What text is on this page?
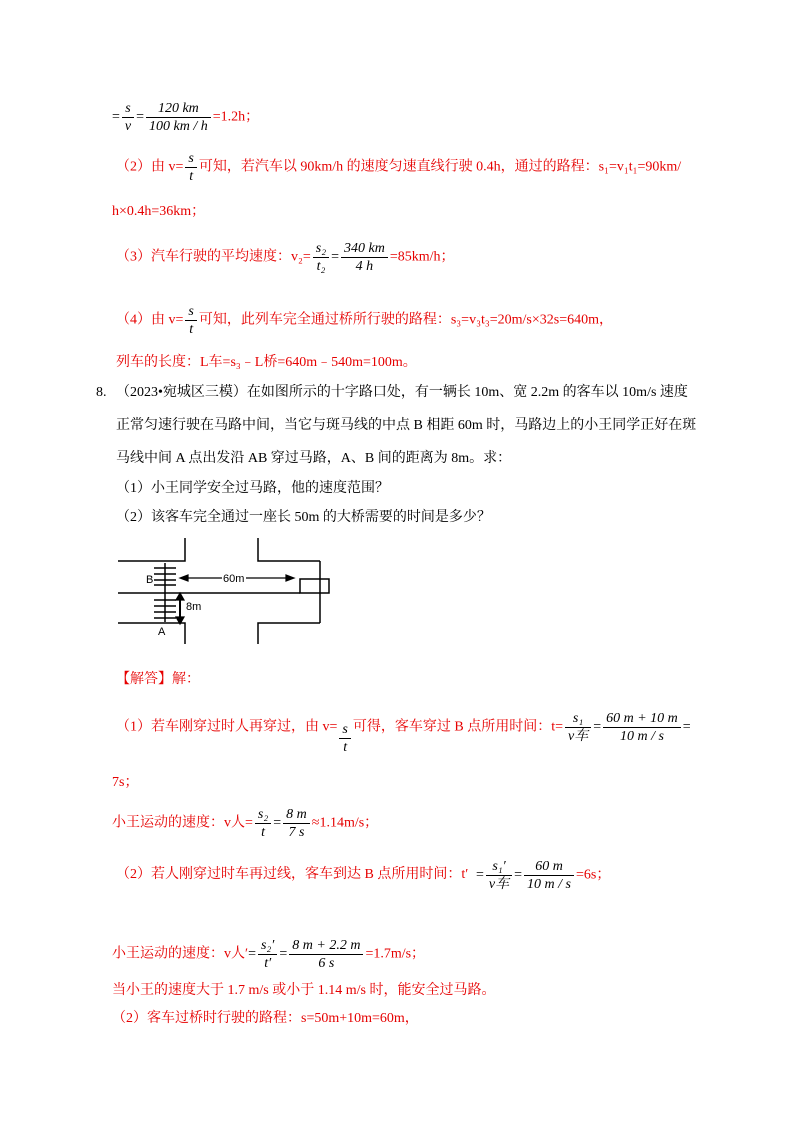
= $\frac{s}{v} = \frac{120 km}{100 km / h} =1.2h$；
（2）由 $v= \frac{s}{t}$ 可知，若汽车以 90km/h 的速度匀速直线行驶 0.4h，通过的路程：s₁=v₁t₁=90km/
h×0.4h=36km；
（3）汽车行驶的平均速度：$v_2= \frac{\text{s₂}}{\text{t₂}} = \frac{340 km}{4 h} =85km/h$；
（4）由 $v= \frac{s}{t}$ 可知，此列车完全通过桥所行驶的路程：s₃=v₃t₃=20m/s×32s=640m，
列车的长度：L车=s₃﹣L桥=640m﹣540m=100m。
8. （2023•宛城区三模）在如图所示的十字路口处，有一辆长 10m、宽 2.2m 的客车以 10m/s 速度
正常匀速行驶在马路中间，当它与斑马线的中点 B 相距 60m 时，马路边上的小王同学正好在斑
马线中间 A 点出发沿 AB 穿过马路，A、B 间的距离为 8m。求：
（1）小王同学安全过马路，他的速度范围？
（2）该客车完全通过一座长 50m 的大桥需要的时间是多少？
60m
8m
B
A
【解答】解：
（1）若车刚穿过时人再穿过，由 $v= \frac{s}{t}$ 可得，客车穿过 B 点所用时间：$t= \frac{\text{s₁}}{\text{v车}} = \frac{60 m + 10 m}{10 m / s}$ =
7s；
小王运动的速度：v人= $\frac{\text{s₂}}{t} = \frac{8 m}{7 s} \approx 1.14m/s$；
（2）若人刚穿过时车再过线，客车到达 B 点所用时间：$t' = \frac{\text{s₁′}}{\text{v车}} = \frac{60 m}{10 m / s} =6s$；
小王运动的速度：v人′= $\frac{\text{s₂′}}{t'} = \frac{8 m + 2.2 m}{6 s} =1.7m/s$；
当小王的速度大于 1.7 m/s 或小于 1.14 m/s 时，能安全过马路。
（2）客车过桥时行驶的路程：s=50m+10m=60m，
